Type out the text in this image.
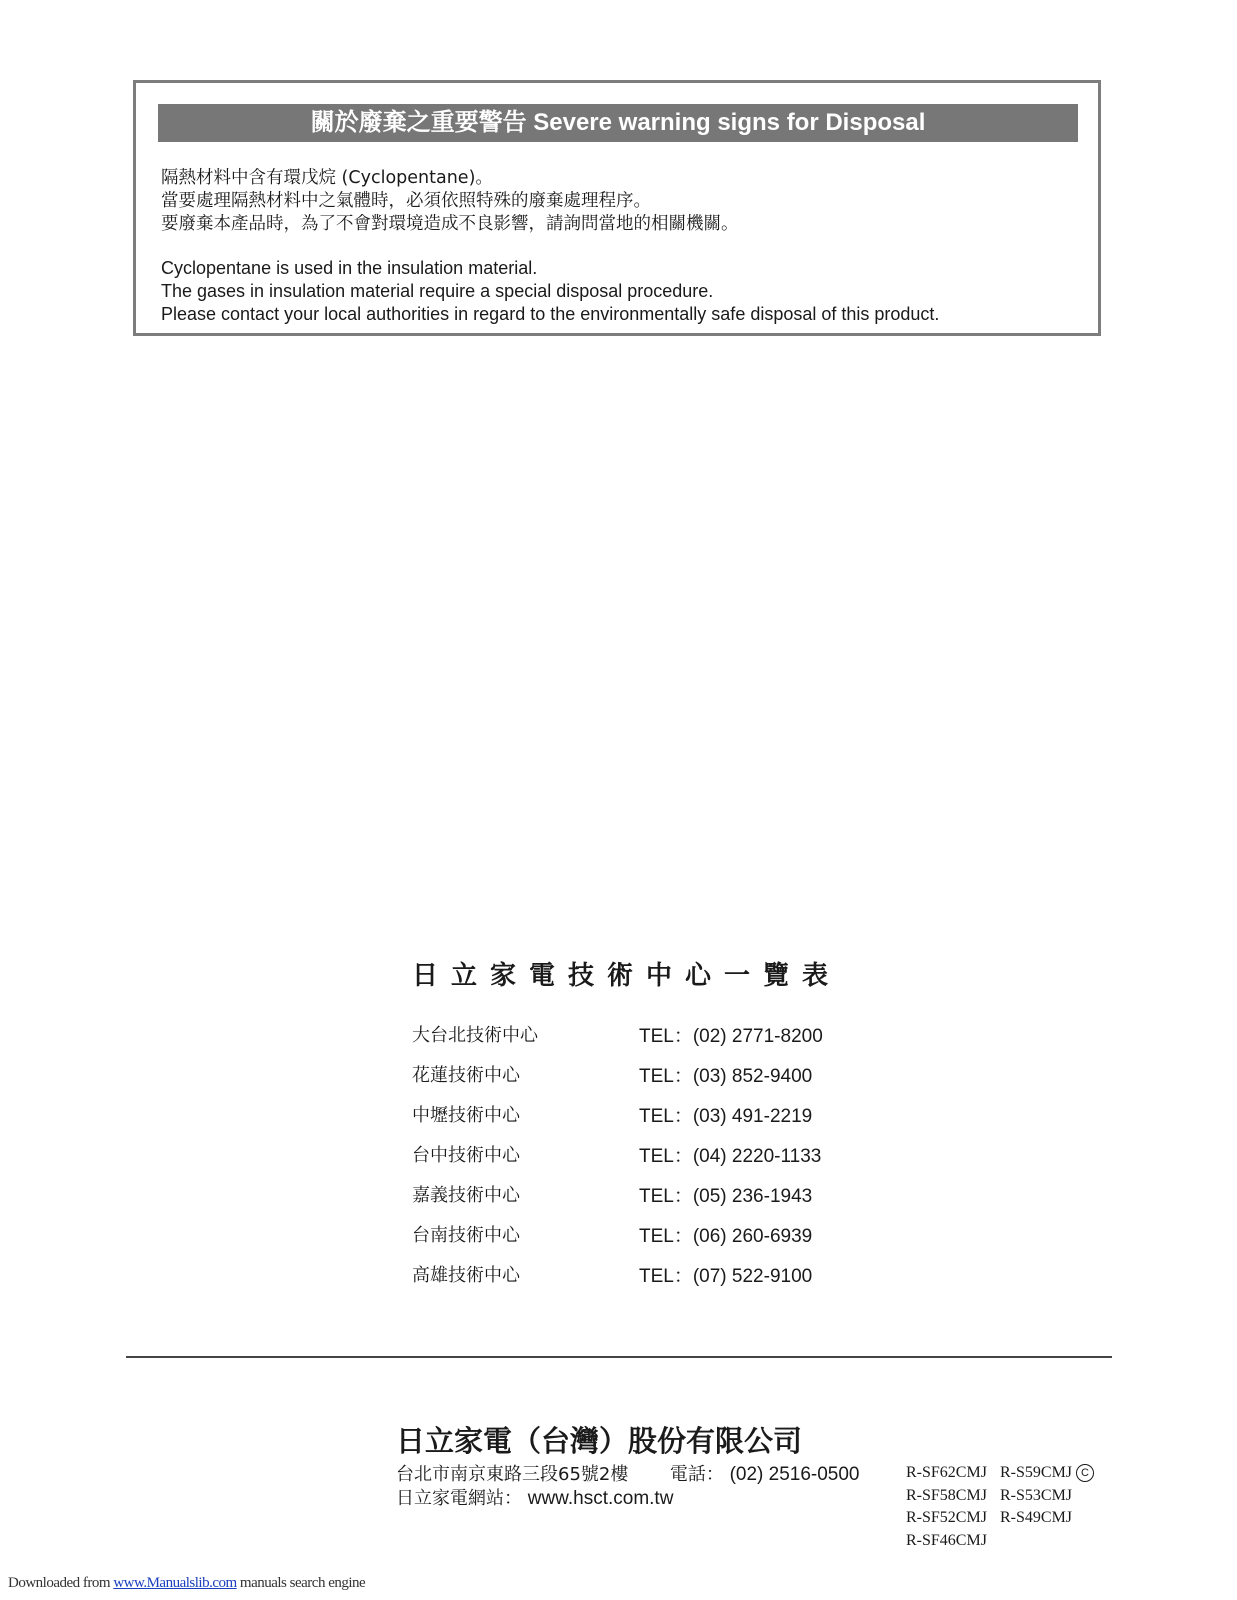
關於廢棄之重要警告 Severe warning signs for Disposal
隔熱材料中含有環戊烷 (Cyclopentane)。
當要處理隔熱材料中之氣體時，必須依照特殊的廢棄處理程序。
要廢棄本產品時，為了不會對環境造成不良影響，請詢問當地的相關機關。
Cyclopentane is used in the insulation material.
The gases in insulation material require a special disposal procedure.
Please contact your local authorities in regard to the environmentally safe disposal of this product.
日立家電技術中心一覽表
大台北技術中心	TEL：(02) 2771-8200
花蓮技術中心	TEL：(03) 852-9400
中壢技術中心	TEL：(03) 491-2219
台中技術中心	TEL：(04) 2220-1133
嘉義技術中心	TEL：(05) 236-1943
台南技術中心	TEL：(06) 260-6939
高雄技術中心	TEL：(07) 522-9100
日立家電（台灣）股份有限公司
台北市南京東路三段65號2樓 電話： (02) 2516-0500
日立家電網站： www.hsct.com.tw
R-SF62CMJ R-S59CMJ C
R-SF58CMJ R-S53CMJ
R-SF52CMJ R-S49CMJ
R-SF46CMJ
Downloaded from www.Manualslib.com manuals search engine
